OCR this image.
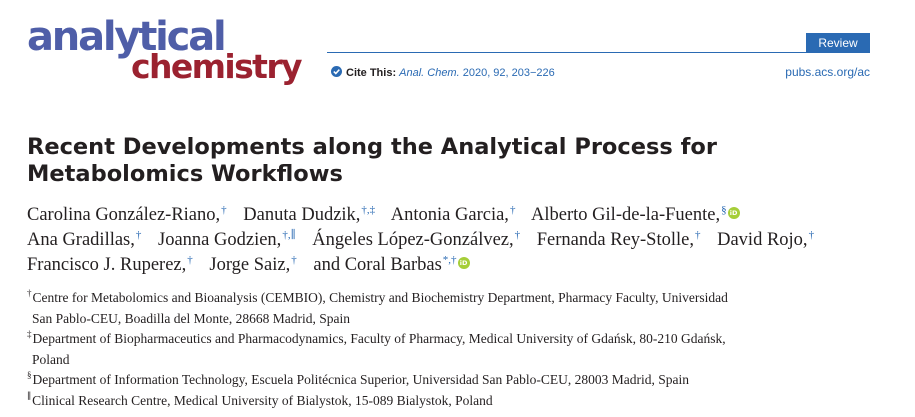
analytical
chemistry
Review
Cite This: Anal. Chem. 2020, 92, 203−226	pubs.acs.org/ac
Recent Developments along the Analytical Process for
Metabolomics Workflows
Carolina González-Riano,† Danuta Dudzik,†,‡ Antonia Garcia,† Alberto Gil-de-la-Fuente,§ iD
Ana Gradillas,† Joanna Godzien,†,∥ Ángeles López-Gonzálvez,† Fernanda Rey-Stolle,† David Rojo,†
Francisco J. Ruperez,† Jorge Saiz,† and Coral Barbas*,† iD
†Centre for Metabolomics and Bioanalysis (CEMBIO), Chemistry and Biochemistry Department, Pharmacy Faculty, Universidad
San Pablo-CEU, Boadilla del Monte, 28668 Madrid, Spain
‡Department of Biopharmaceutics and Pharmacodynamics, Faculty of Pharmacy, Medical University of Gdańsk, 80-210 Gdańsk,
Poland
§Department of Information Technology, Escuela Politécnica Superior, Universidad San Pablo-CEU, 28003 Madrid, Spain
∥Clinical Research Centre, Medical University of Bialystok, 15-089 Bialystok, Poland
